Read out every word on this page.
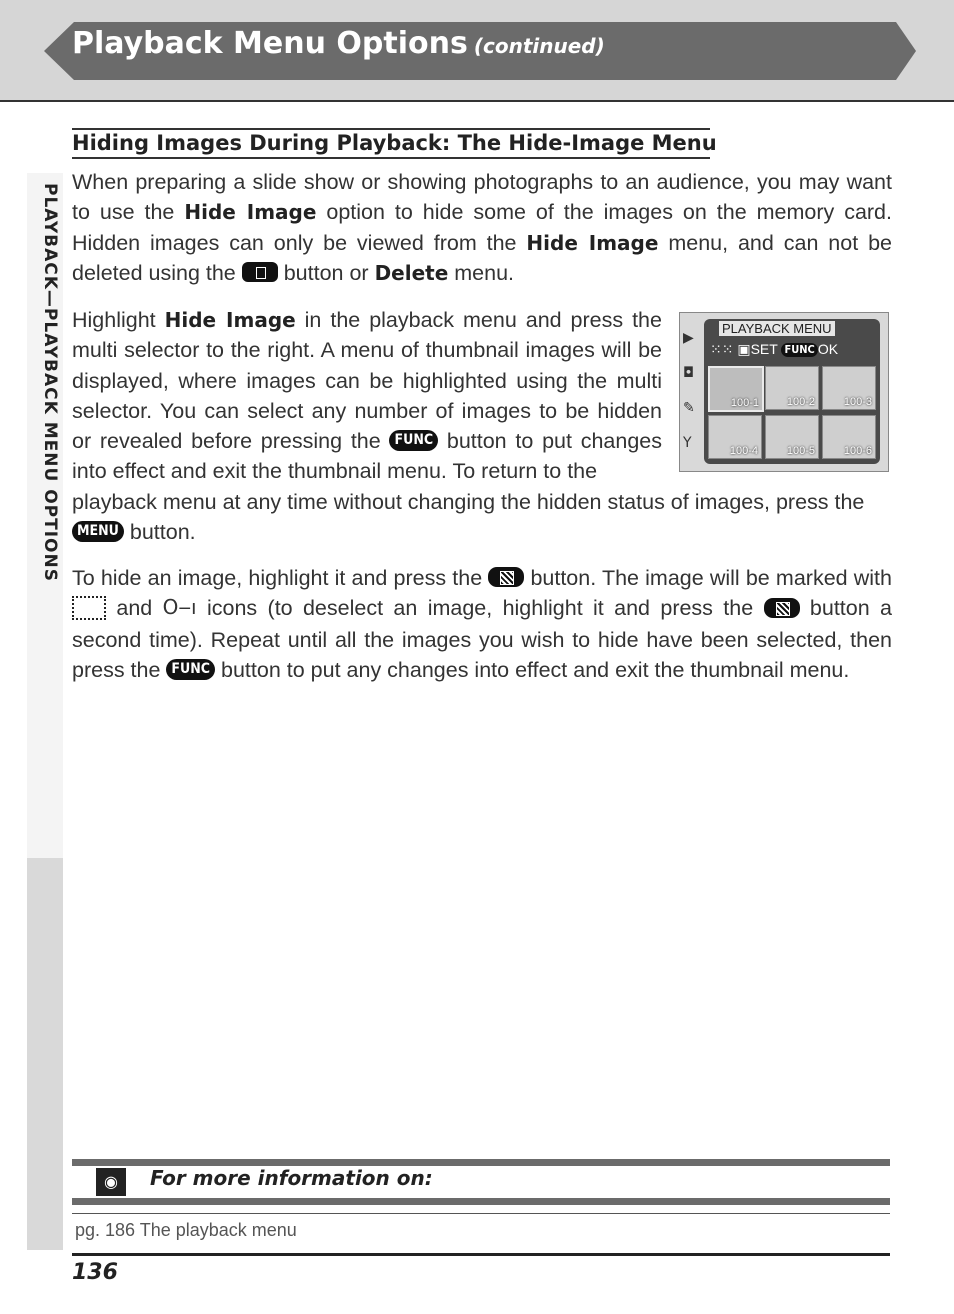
Playback Menu Options (continued)
PLAYBACK—PLAYBACK MENU OPTIONS
Hiding Images During Playback: The Hide-Image Menu
When preparing a slide show or showing photographs to an audience, you may want to use the Hide Image option to hide some of the images on the memory card. Hidden images can only be viewed from the Hide Image menu, and can not be deleted using the  button or Delete menu.
Highlight Hide Image in the playback menu and press the multi selector to the right. A menu of thumbnail images will be displayed, where images can be highlighted using the multi selector. You can select any number of images to be hidden or revealed before pressing the FUNC button to put changes into effect and exit the thumbnail menu. To return to the
playback menu at any time without changing the hidden status of images, press the MENU button.
To hide an image, highlight it and press the  button. The image will be marked with  and O‒ı icons (to deselect an image, highlight it and press the  button a second time). Repeat until all the images you wish to hide have been selected, then press the FUNC button to put any changes into effect and exit the thumbnail menu.
▶
◘
✎
Y
PLAYBACK MENU
⁙⁙ ▣SET FUNC OK
100-1	100-2	100-3
100-4	100-5	100-6
◉	For more information on:
pg. 186 The playback menu
136
